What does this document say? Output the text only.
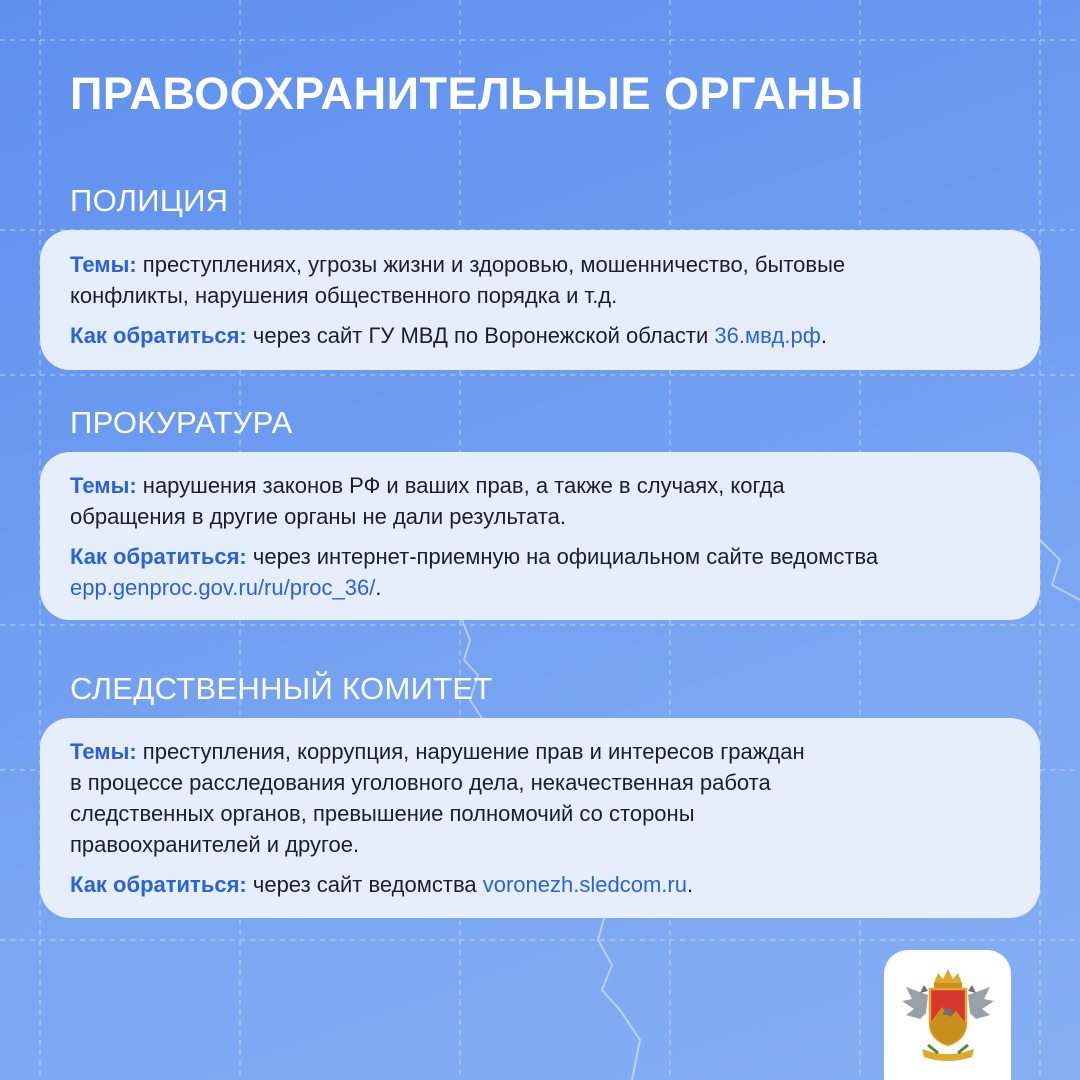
ПРАВООХРАНИТЕЛЬНЫЕ ОРГАНЫ
ПОЛИЦИЯ

Темы: преступлениях, угрозы жизни и здоровью, мошенничество, бытовые
конфликты, нарушения общественного порядка и т.д.

Как обратиться: через сайт ГУ МВД по Воронежской области 36.мвд.рф.

ПРОКУРАТУРА

Темы: нарушения законов РФ и ваших прав, а также в случаях, когда
обращения в другие органы не дали результата.

Как обратиться: через интернет-приемную на официальном сайте ведомства
epp.genproc.gov.ru/ru/proc_36/.

СЛЕДСТВЕННЫЙ КОМИТЕТ

Темы: преступления, коррупция, нарушение прав и интересов граждан
в процессе расследования уголовного дела, некачественная работа
следственных органов, превышение полномочий со стороны
правоохранителей и другое.

Как обратиться: через сайт ведомства voronezh.sledcom.ru.
